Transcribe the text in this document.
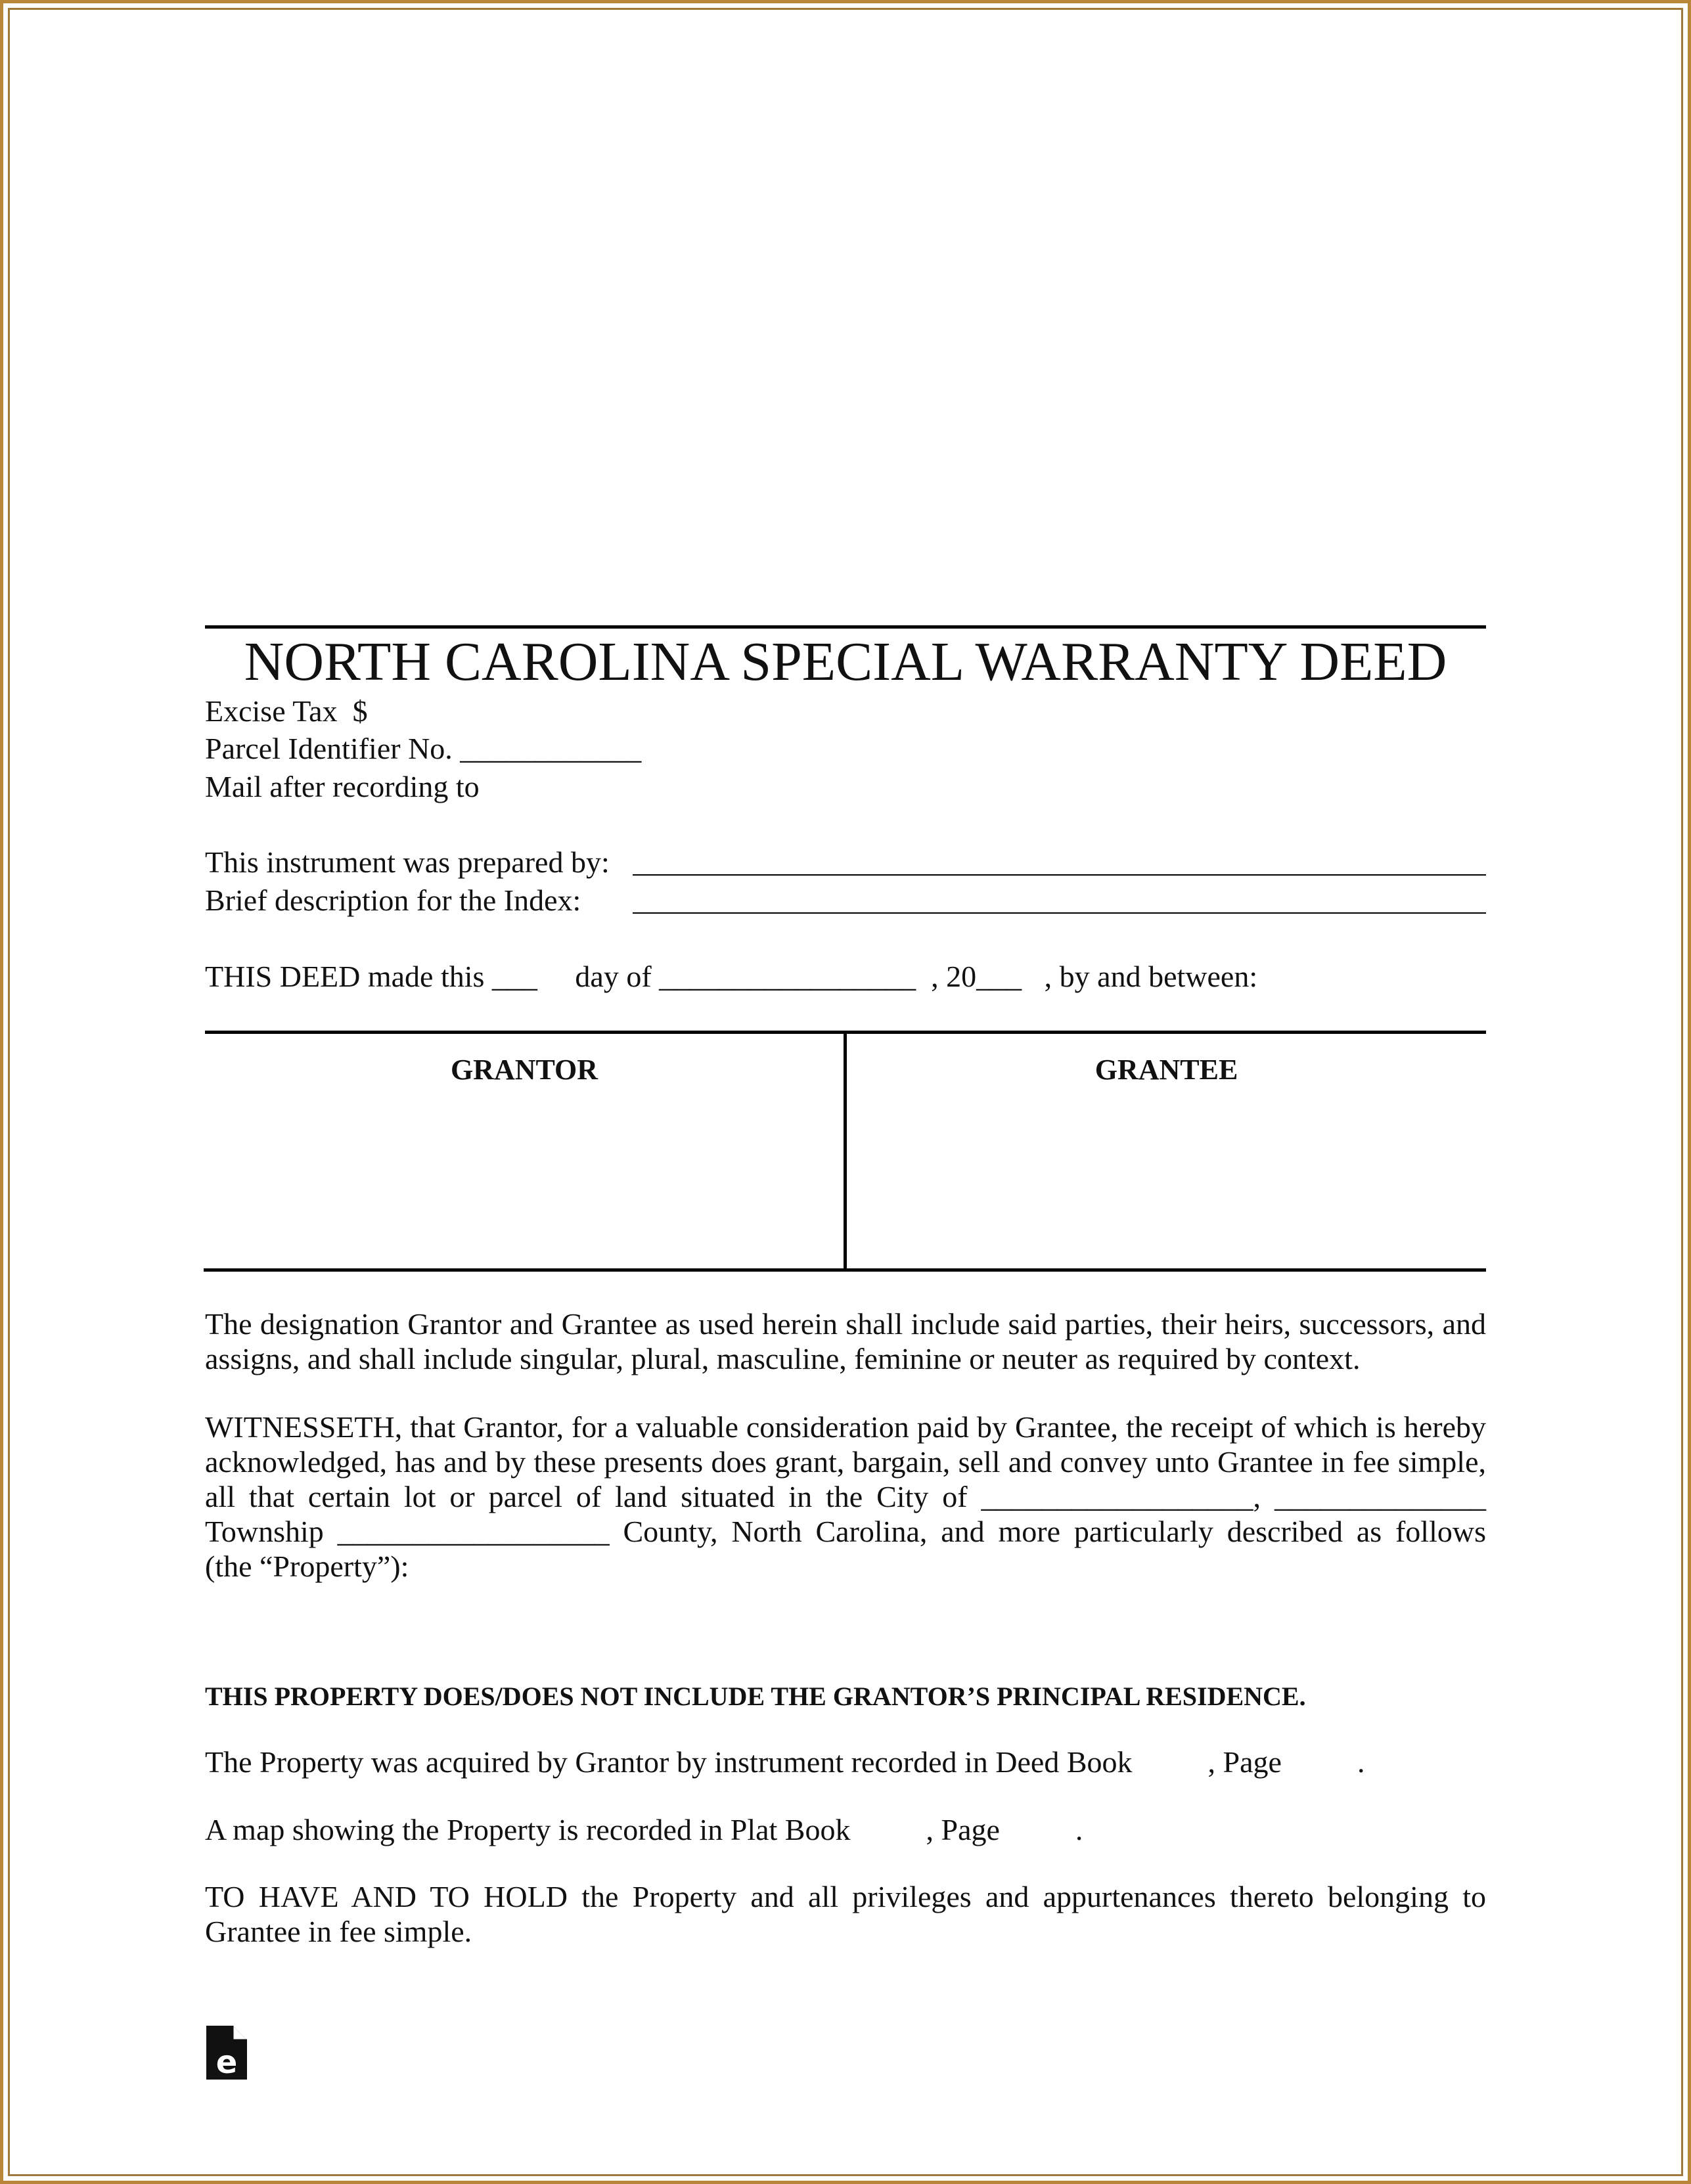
NORTH CAROLINA SPECIAL WARRANTY DEED
Excise Tax  $
Parcel Identifier No. ____________
Mail after recording to
This instrument was prepared by:
Brief description for the Index:
THIS DEED made this ___     day of _________________  , 20___   , by and between:
GRANTOR	GRANTEE
The designation Grantor and Grantee as used herein shall include said parties, their heirs, successors, and
assigns, and shall include singular, plural, masculine, feminine or neuter as required by context.
WITNESSETH, that Grantor, for a valuable consideration paid by Grantee, the receipt of which is hereby
acknowledged, has and by these presents does grant, bargain, sell and convey unto Grantee in fee simple,
all that certain lot or parcel of land situated in the City of __________________, ______________
Township __________________ County, North Carolina, and more particularly described as follows
(the “Property”):
THIS PROPERTY DOES/DOES NOT INCLUDE THE GRANTOR’S PRINCIPAL RESIDENCE.
The Property was acquired by Grantor by instrument recorded in Deed Book          , Page          .
A map showing the Property is recorded in Plat Book          , Page          .
TO HAVE AND TO HOLD the Property and all privileges and appurtenances thereto belonging to
Grantee in fee simple.
e
